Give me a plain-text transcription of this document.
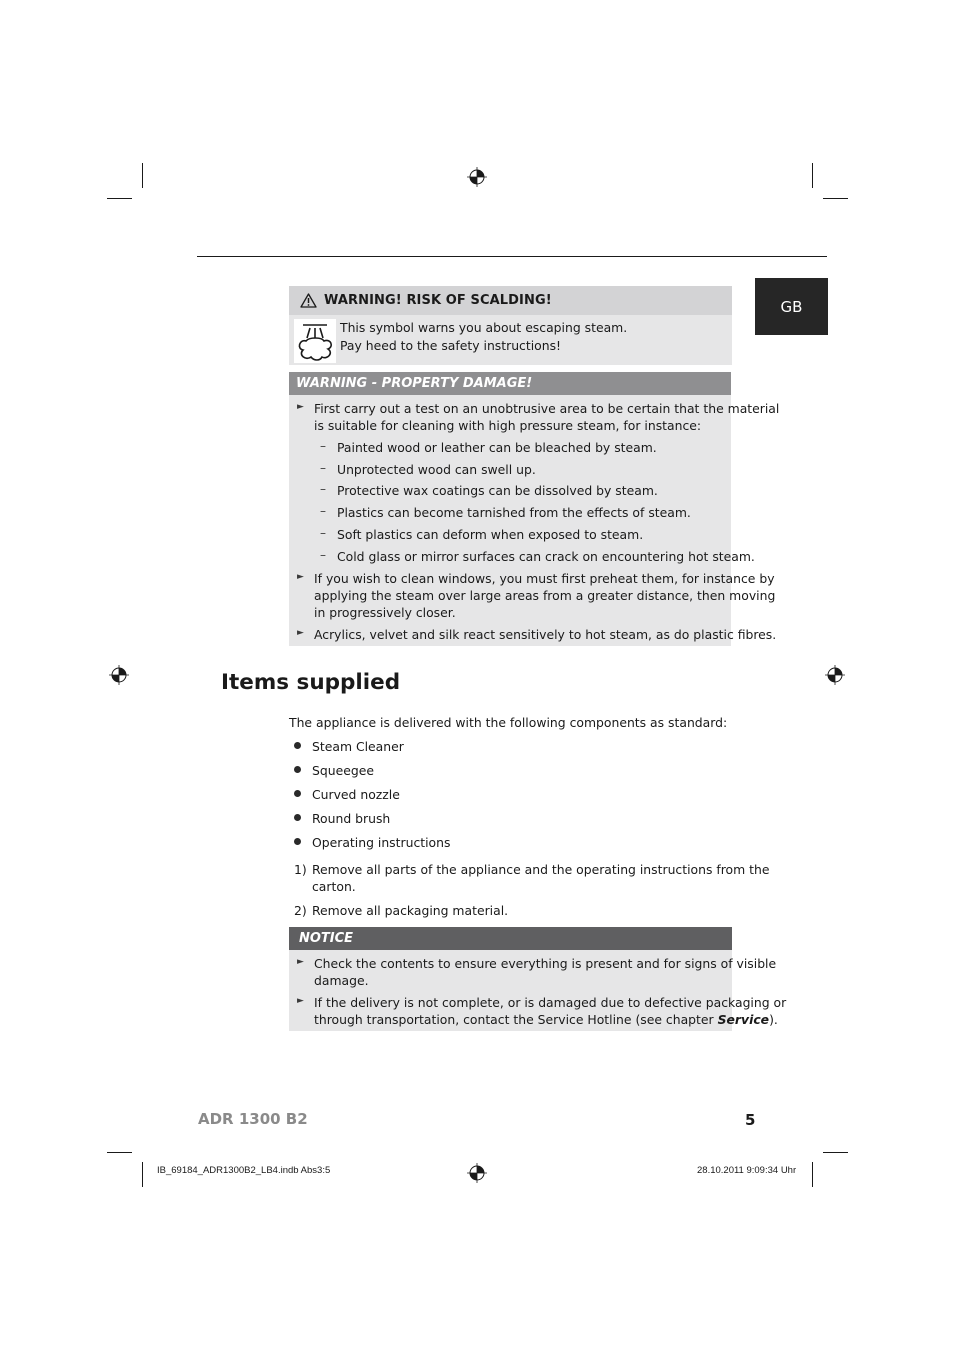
GB
WARNING! RISK OF SCALDING!
This symbol warns you about escaping steam.
Pay heed to the safety instructions!
WARNING - PROPERTY DAMAGE!
► First carry out a test on an unobtrusive area to be certain that the material
is suitable for cleaning with high pressure steam, for instance:
– Painted wood or leather can be bleached by steam.
– Unprotected wood can swell up.
– Protective wax coatings can be dissolved by steam.
– Plastics can become tarnished from the effects of steam.
– Soft plastics can deform when exposed to steam.
– Cold glass or mirror surfaces can crack on encountering hot steam.
► If you wish to clean windows, you must first preheat them, for instance by
applying the steam over large areas from a greater distance, then moving
in progressively closer.
► Acrylics, velvet and silk react sensitively to hot steam, as do plastic fibres.
Items supplied
The appliance is delivered with the following components as standard:
Steam Cleaner
Squeegee
Curved nozzle
Round brush
Operating instructions
1) Remove all parts of the appliance and the operating instructions from the
carton.
2) Remove all packaging material.
NOTICE
► Check the contents to ensure everything is present and for signs of visible
damage.
► If the delivery is not complete, or is damaged due to defective packaging or
through transportation, contact the Service Hotline (see chapter Service).
ADR 1300 B2	5
IB_69184_ADR1300B2_LB4.indb Abs3:5	28.10.2011 9:09:34 Uhr
